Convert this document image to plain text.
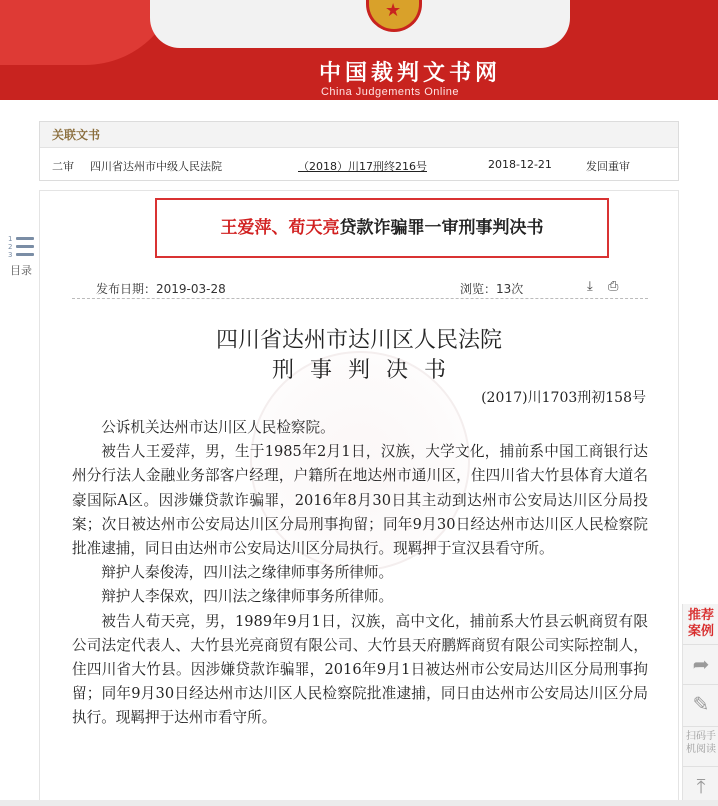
★
中国裁判文书网
China Judgements Online
关联文书
二审 四川省达州市中级人民法院	（2018）川17刑终216号	2018-12-21	发回重审
1
2
3
目录
王爱萍、荀天亮贷款诈骗罪一审刑事判决书
发布日期：2019-03-28	浏览：13次	⤓ ⎙
四川省达州市达川区人民法院
刑事判决书
(2017)川1703刑初158号

公诉机关达州市达川区人民检察院。

被告人王爱萍，男，生于1985年2月1日，汉族，大学文化，捕前系中国工商银行达州分行法人金融业务部客户经理，户籍所在地达州市通川区，住四川省大竹县体育大道名豪国际A区。因涉嫌贷款诈骗罪，2016年8月30日其主动到达州市公安局达川区分局投案；次日被达州市公安局达川区分局刑事拘留；同年9月30日经达州市达川区人民检察院批准逮捕，同日由达州市公安局达川区分局执行。现羁押于宣汉县看守所。

辩护人秦俊涛，四川法之缘律师事务所律师。

辩护人李保欢，四川法之缘律师事务所律师。

被告人荀天亮，男，1989年9月1日，汉族，高中文化，捕前系大竹县云帆商贸有限公司法定代表人、大竹县光亮商贸有限公司、大竹县天府鹏辉商贸有限公司实际控制人，住四川省大竹县。因涉嫌贷款诈骗罪，2016年9月1日被达州市公安局达川区分局刑事拘留；同年9月30日经达州市达川区人民检察院批准逮捕，同日由达州市公安局达川区分局执行。现羁押于达州市看守所。

推荐案例
➦
✎
扫码手机阅读
⤒
